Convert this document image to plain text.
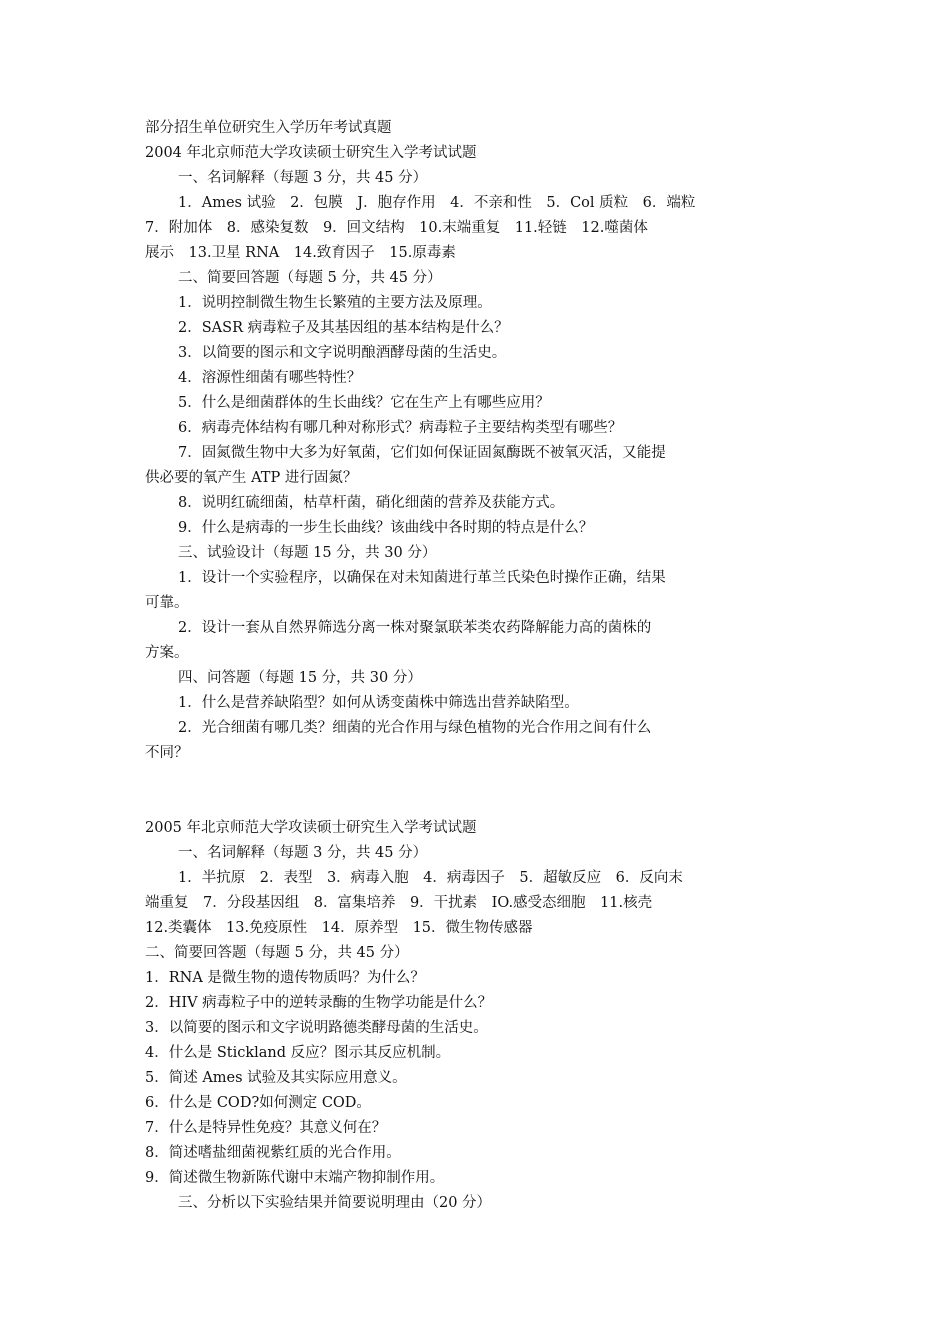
部分招生单位研究生入学历年考试真题
2004 年北京师范大学攻读硕士研究生入学考试试题
一、名词解释（每题 3 分，共 45 分）
1．Ames 试验　2．包膜　J．胞存作用　4．不亲和性　5．Col 质粒　6．端粒
7．附加体　8．感染复数　9．回文结构　10.末端重复　11.轻链　12.噬菌体
展示　13.卫星 RNA　14.致育因子　15.原毒素
二、简要回答题（每题 5 分，共 45 分）
1．说明控制微生物生长繁殖的主要方法及原理。
2．SASR 病毒粒子及其基因组的基本结构是什么？
3．以简要的图示和文字说明酿酒酵母菌的生活史。
4．溶源性细菌有哪些特性？
5．什么是细菌群体的生长曲线？它在生产上有哪些应用？
6．病毒壳体结构有哪几种对称形式？病毒粒子主要结构类型有哪些？
7．固氮微生物中大多为好氧菌，它们如何保证固氮酶既不被氧灭活，又能提
供必要的氧产生 ATP 进行固氮？
8．说明红硫细菌，枯草杆菌，硝化细菌的营养及获能方式。
9．什么是病毒的一步生长曲线？该曲线中各时期的特点是什么？
三、试验设计（每题 15 分，共 30 分）
1．设计一个实验程序，以确保在对未知菌进行革兰氏染色时操作正确，结果
可靠。
2．设计一套从自然界筛选分离一株对聚氯联苯类农药降解能力高的菌株的
方案。
四、问答题（每题 15 分，共 30 分）
1．什么是营养缺陷型？如何从诱变菌株中筛选出营养缺陷型。
2．光合细菌有哪几类？细菌的光合作用与绿色植物的光合作用之间有什么
不同？
2005 年北京师范大学攻读硕士研究生入学考试试题
一、名词解释（每题 3 分，共 45 分）
1．半抗原　2．表型　3．病毒入胞　4．病毒因子　5．超敏反应　6．反向末
端重复　7．分段基因组　8．富集培养　9．干扰素　IO.感受态细胞　11.核壳
12.类囊体　13.免疫原性　14．原养型　15．微生物传感器
二、简要回答题（每题 5 分，共 45 分）
1．RNA 是微生物的遗传物质吗？为什么？
2．HIV 病毒粒子中的逆转录酶的生物学功能是什么？
3．以简要的图示和文字说明路德类酵母菌的生活史。
4．什么是 Stickland 反应？图示其反应机制。
5．简述 Ames 试验及其实际应用意义。
6．什么是 COD?如何测定 COD。
7．什么是特异性免疫？其意义何在？
8．简述嗜盐细菌视紫红质的光合作用。
9．简述微生物新陈代谢中末端产物抑制作用。
三、分析以下实验结果并简要说明理由（20 分）
